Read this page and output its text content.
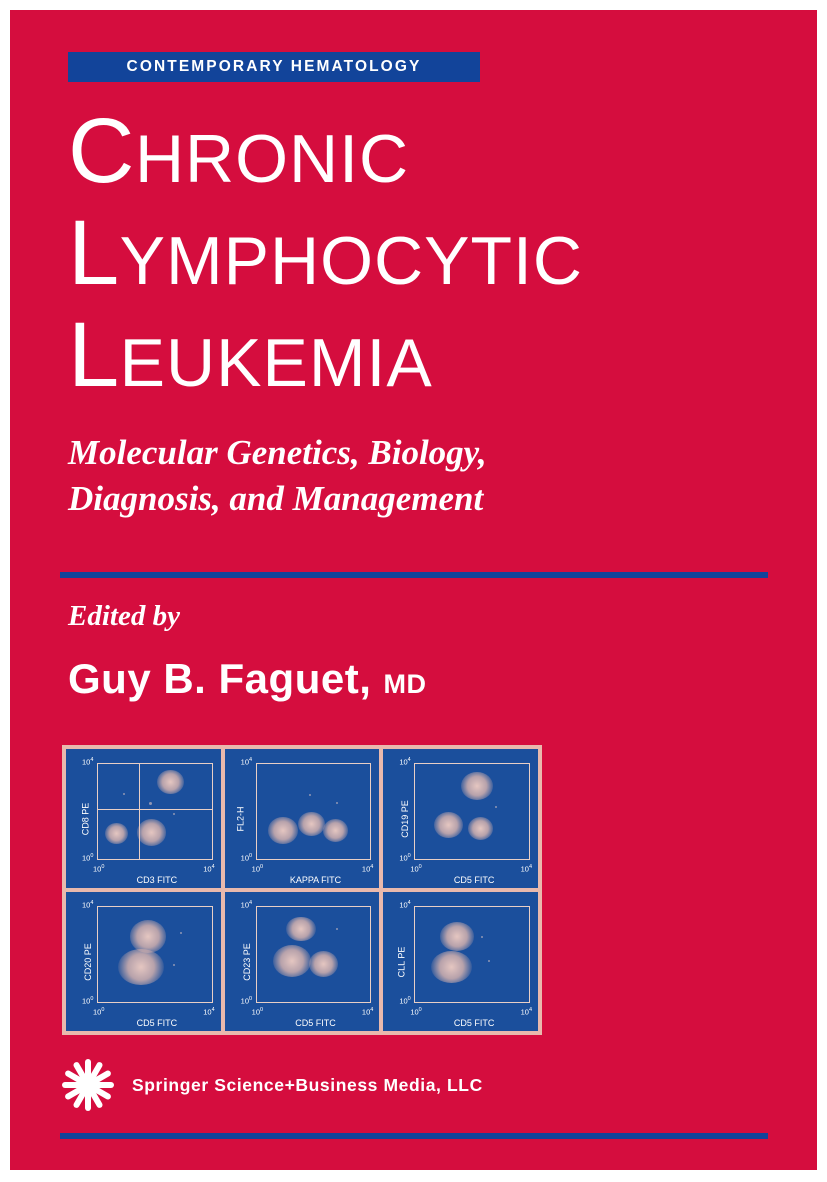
CONTEMPORARY HEMATOLOGY
CHRONIC
LYMPHOCYTIC
LEUKEMIA
Molecular Genetics, Biology,
Diagnosis, and Management
Edited by
Guy B. Faguet, MD
CD8 PE
CD3 FITC
$10^4$
$10^0$
$10^0$	$10^4$
FL2-H
KAPPA FITC
$10^4$
$10^0$
$10^0$	$10^4$
CD19 PE
CD5 FITC
$10^4$
$10^0$
$10^0$	$10^4$
CD20 PE
CD5 FITC
$10^4$
$10^0$
$10^0$	$10^4$
CD23 PE
CD5 FITC
$10^4$
$10^0$
$10^0$	$10^4$
CLL PE
CD5 FITC
$10^4$
$10^0$
$10^0$	$10^4$
Springer Science+Business Media, LLC
